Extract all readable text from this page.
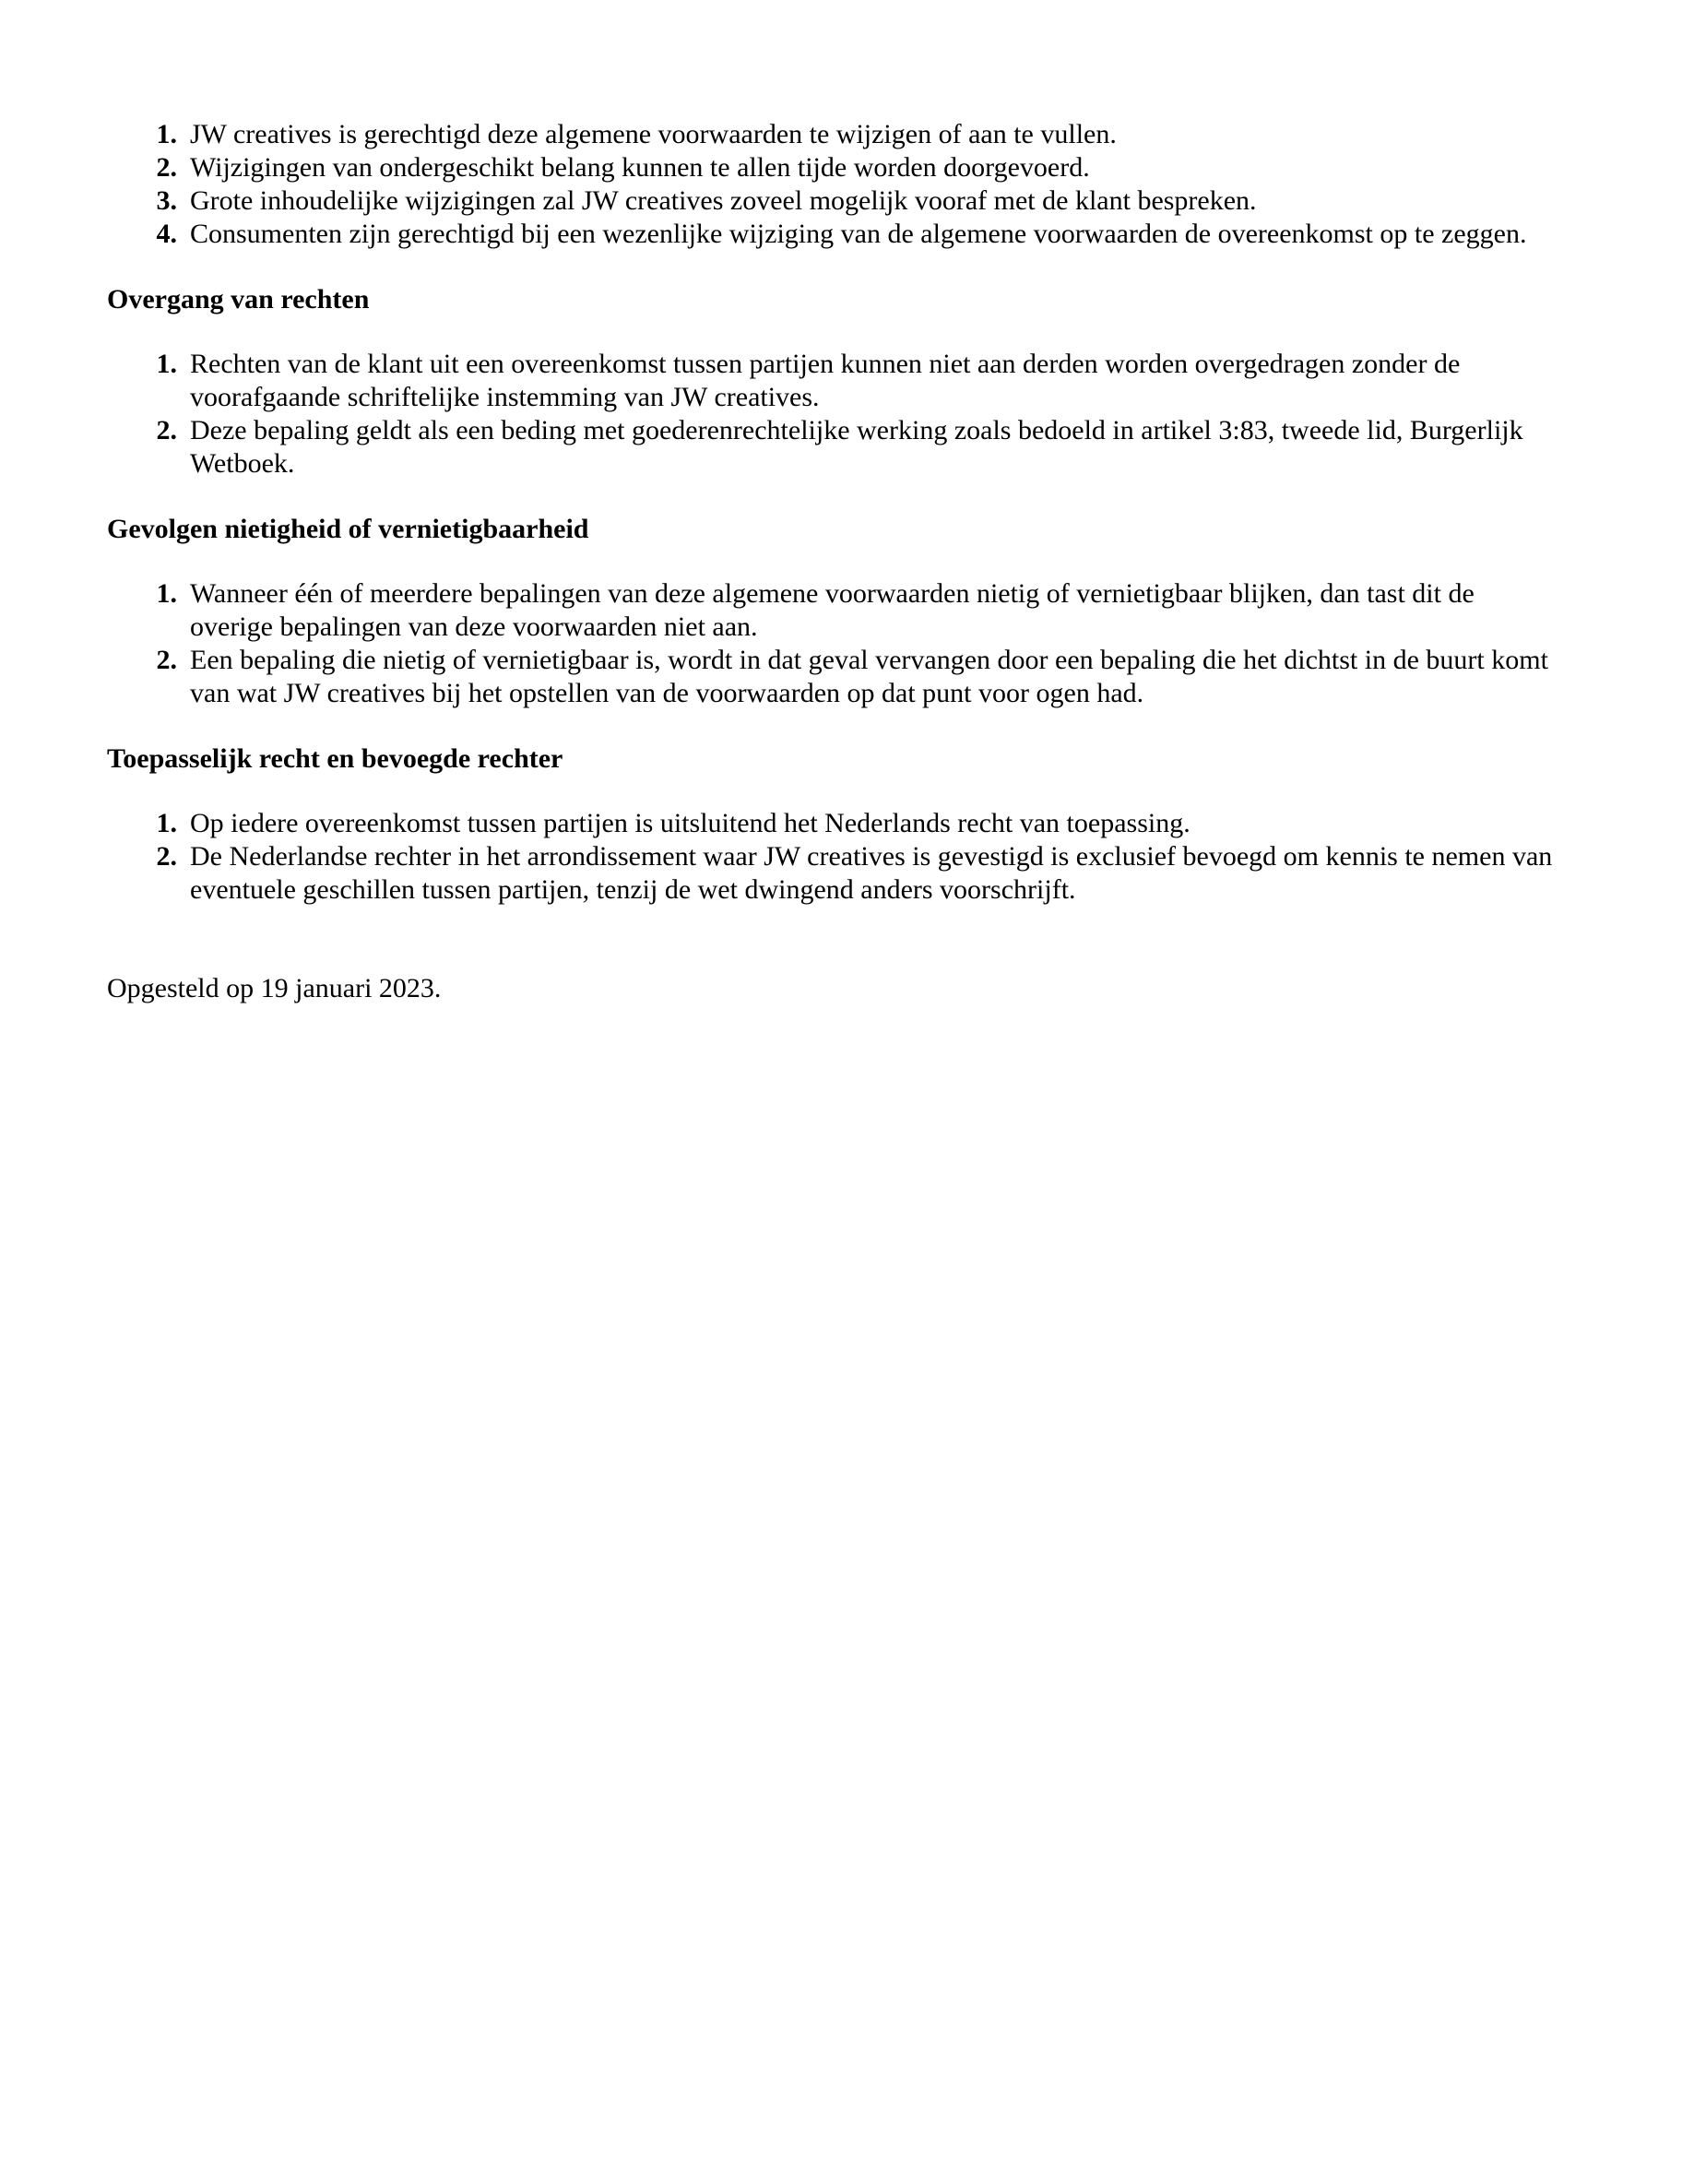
1. JW creatives is gerechtigd deze algemene voorwaarden te wijzigen of aan te vullen.
2. Wijzigingen van ondergeschikt belang kunnen te allen tijde worden doorgevoerd.
3. Grote inhoudelijke wijzigingen zal JW creatives zoveel mogelijk vooraf met de klant bespreken.
4. Consumenten zijn gerechtigd bij een wezenlijke wijziging van de algemene voorwaarden de overeenkomst op te zeggen.
Overgang van rechten
1. Rechten van de klant uit een overeenkomst tussen partijen kunnen niet aan derden worden overgedragen zonder de voorafgaande schriftelijke instemming van JW creatives.
2. Deze bepaling geldt als een beding met goederenrechtelijke werking zoals bedoeld in artikel 3:83, tweede lid, Burgerlijk Wetboek.
Gevolgen nietigheid of vernietigbaarheid
1. Wanneer één of meerdere bepalingen van deze algemene voorwaarden nietig of vernietigbaar blijken, dan tast dit de overige bepalingen van deze voorwaarden niet aan.
2. Een bepaling die nietig of vernietigbaar is, wordt in dat geval vervangen door een bepaling die het dichtst in de buurt komt van wat JW creatives bij het opstellen van de voorwaarden op dat punt voor ogen had.
Toepasselijk recht en bevoegde rechter
1. Op iedere overeenkomst tussen partijen is uitsluitend het Nederlands recht van toepassing.
2. De Nederlandse rechter in het arrondissement waar JW creatives is gevestigd is exclusief bevoegd om kennis te nemen van eventuele geschillen tussen partijen, tenzij de wet dwingend anders voorschrijft.

Opgesteld op 19 januari 2023.
